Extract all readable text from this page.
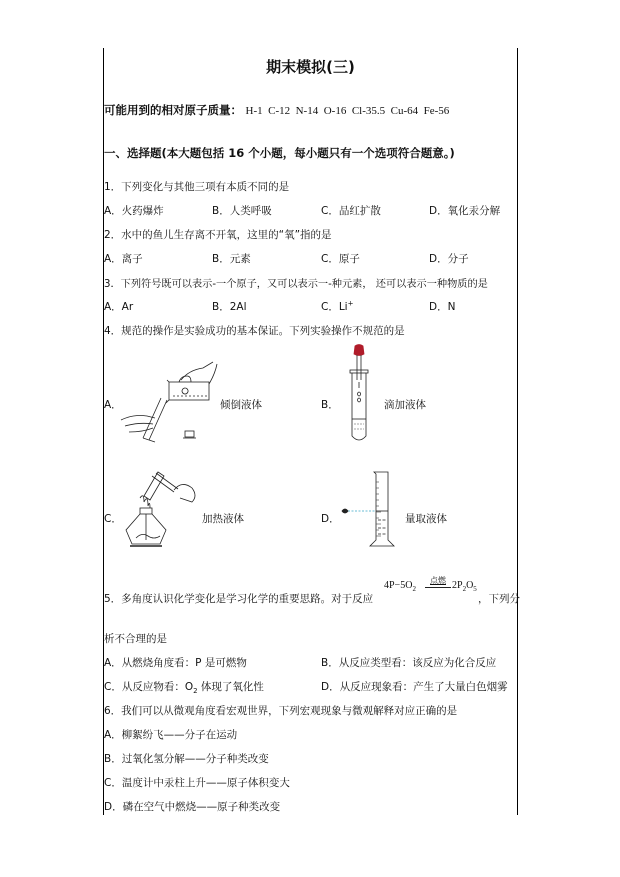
期末模拟(三)
可能用到的相对原子质量： H-1  C-12  N-14  O-16  Cl-35.5  Cu-64  Fe-56
一、选择题(本大题包括 16 个小题，每小题只有一个选项符合题意。)
1．下列变化与其他三项有本质不同的是
A．火药爆炸	B．人类呼吸	C．品红扩散	D．氧化汞分解
2．水中的鱼儿生存离不开氧，这里的“氧”指的是
A．离子	B．元素	C．原子	D．分子
3．下列符号既可以表示-一个原子，又可以表示一-种元素， 还可以表示一种物质的是
A．Ar	B．2Al	C．Li+	D．N
4．规范的操作是实验成功的基本保证。下列实验操作不规范的是
A．	倾倒液体	B．	滴加液体
C．	加热液体	D．	量取液体
5．多角度认识化学变化是学习化学的重要思路。对于反应
$4P-5O_2$
点燃 $2P_2O_5$
，下列分
析不合理的是
A．从燃烧角度看：P 是可燃物	B．从反应类型看：该反应为化合反应
C．从反应物看：$O_2$ 体现了氧化性	D．从反应现象看：产生了大量白色烟雾
6．我们可以从微观角度看宏观世界，下列宏观现象与微观解释对应正确的是
A．柳絮纷飞——分子在运动
B．过氧化氢分解——分子种类改变
C．温度计中汞柱上升——原子体积变大
D．磷在空气中燃烧——原子种类改变
